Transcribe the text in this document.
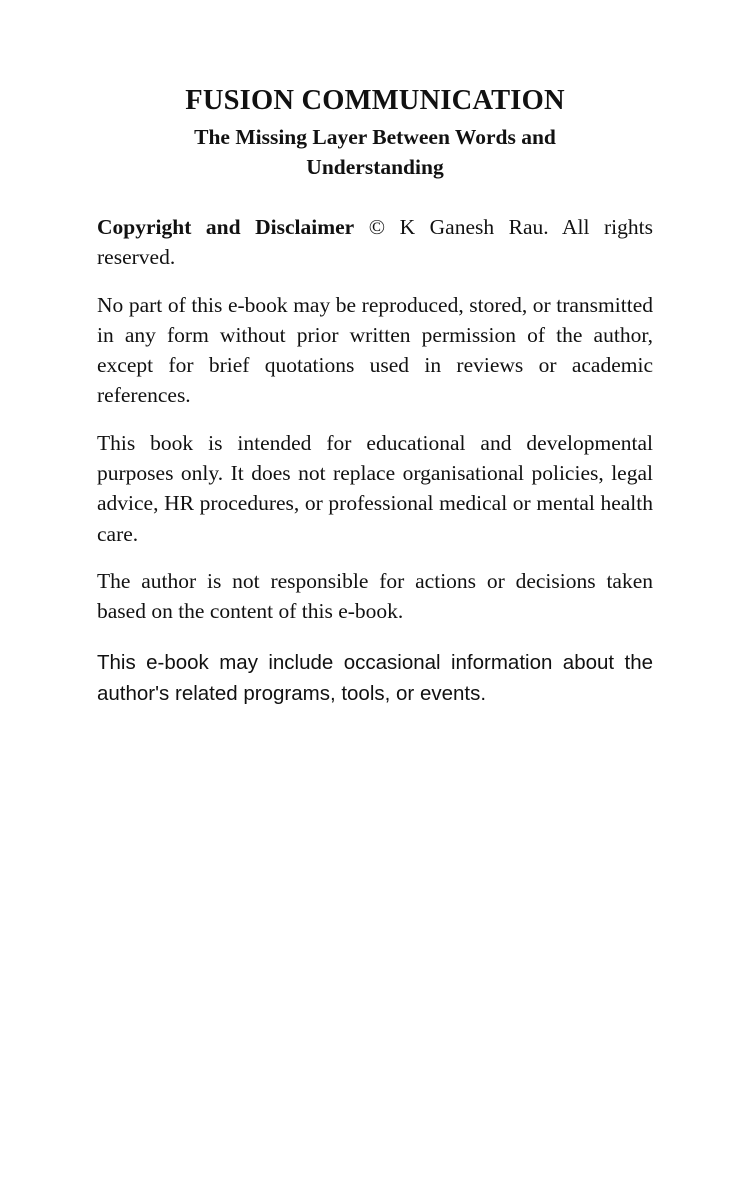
FUSION COMMUNICATION
The Missing Layer Between Words and Understanding

Copyright and Disclaimer © K Ganesh Rau. All rights reserved.

No part of this e-book may be reproduced, stored, or transmitted in any form without prior written permission of the author, except for brief quotations used in reviews or academic references.

This book is intended for educational and developmental purposes only. It does not replace organisational policies, legal advice, HR procedures, or professional medical or mental health care.

The author is not responsible for actions or decisions taken based on the content of this e-book.

This e-book may include occasional information about the author's related programs, tools, or events.
